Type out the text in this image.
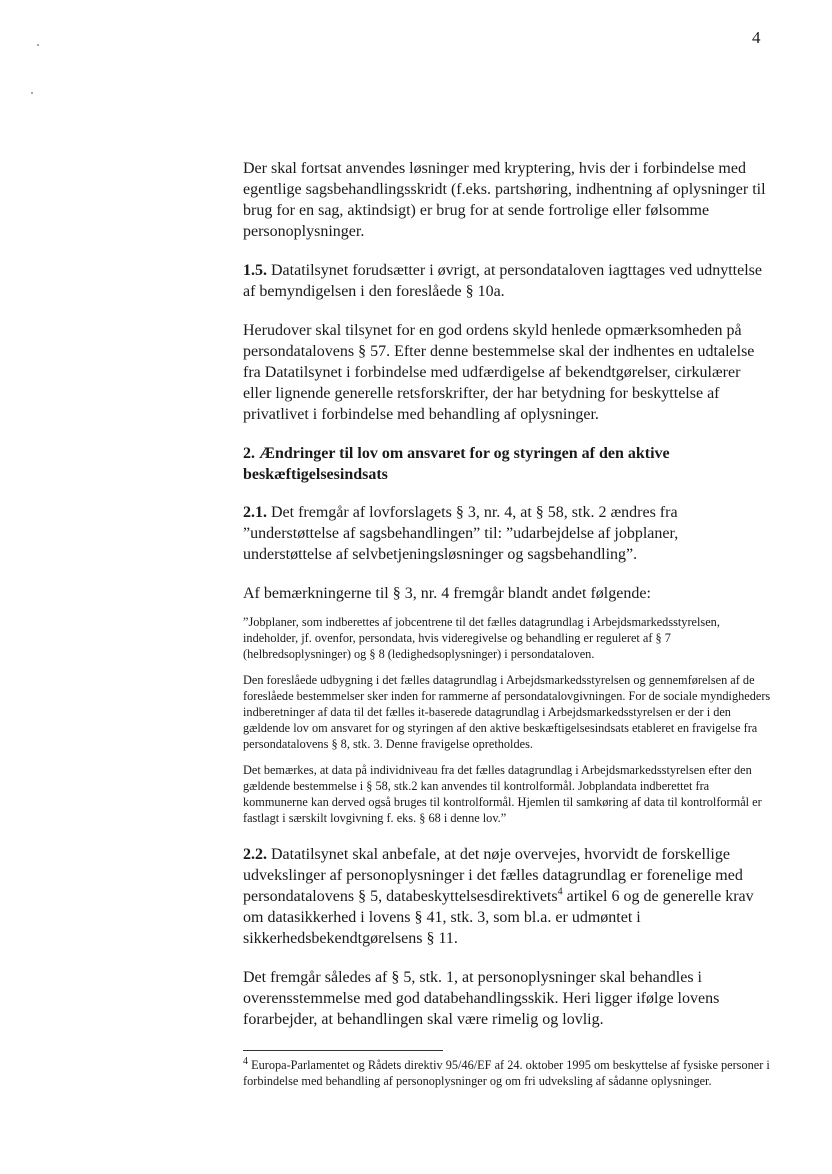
4

Der skal fortsat anvendes løsninger med kryptering, hvis der i forbindelse med egentlige sagsbehandlingsskridt (f.eks. partshøring, indhentning af oplysninger til brug for en sag, aktindsigt) er brug for at sende fortrolige eller følsomme personoplysninger.

1.5. Datatilsynet forudsætter i øvrigt, at persondataloven iagttages ved udnyttelse af bemyndigelsen i den foreslåede § 10a.

Herudover skal tilsynet for en god ordens skyld henlede opmærksomheden på persondatalovens § 57. Efter denne bestemmelse skal der indhentes en udtalelse fra Datatilsynet i forbindelse med udfærdigelse af bekendtgørelser, cirkulærer eller lignende generelle retsforskrifter, der har betydning for beskyttelse af privatlivet i forbindelse med behandling af oplysninger.

2. Ændringer til lov om ansvaret for og styringen af den aktive beskæftigelsesindsats

2.1. Det fremgår af lovforslagets § 3, nr. 4, at § 58, stk. 2 ændres fra ”understøttelse af sagsbehandlingen” til: ”udarbejdelse af jobplaner, understøttelse af selvbetjeningsløsninger og sagsbehandling”.

Af bemærkningerne til § 3, nr. 4 fremgår blandt andet følgende:

”Jobplaner, som indberettes af jobcentrene til det fælles datagrundlag i Arbejdsmarkedsstyrelsen, indeholder, jf. ovenfor, persondata, hvis videregivelse og behandling er reguleret af § 7 (helbredsoplysninger) og § 8 (ledighedsoplysninger) i persondataloven.

Den foreslåede udbygning i det fælles datagrundlag i Arbejdsmarkedsstyrelsen og gennemførelsen af de foreslåede bestemmelser sker inden for rammerne af persondatalovgivningen. For de sociale myndigheders indberetninger af data til det fælles it-baserede datagrundlag i Arbejdsmarkedsstyrelsen er der i den gældende lov om ansvaret for og styringen af den aktive beskæftigelsesindsats etableret en fravigelse fra persondatalovens § 8, stk. 3. Denne fravigelse opretholdes.

Det bemærkes, at data på individniveau fra det fælles datagrundlag i Arbejdsmarkedsstyrelsen efter den gældende bestemmelse i § 58, stk.2 kan anvendes til kontrolformål. Jobplandata indberettet fra kommunerne kan derved også bruges til kontrolformål. Hjemlen til samkøring af data til kontrolformål er fastlagt i særskilt lovgivning f. eks. § 68 i denne lov.”

2.2. Datatilsynet skal anbefale, at det nøje overvejes, hvorvidt de forskellige udvekslinger af personoplysninger i det fælles datagrundlag er forenelige med persondatalovens § 5, databeskyttelsesdirektivets$^4$ artikel 6 og de generelle krav om datasikkerhed i lovens § 41, stk. 3, som bl.a. er udmøntet i sikkerhedsbekendtgørelsens § 11.

Det fremgår således af § 5, stk. 1, at personoplysninger skal behandles i overensstemmelse med god databehandlingsskik. Heri ligger ifølge lovens forarbejder, at behandlingen skal være rimelig og lovlig.

$^4$ Europa-Parlamentet og Rådets direktiv 95/46/EF af 24. oktober 1995 om beskyttelse af fysiske personer i forbindelse med behandling af personoplysninger og om fri udveksling af sådanne oplysninger.
